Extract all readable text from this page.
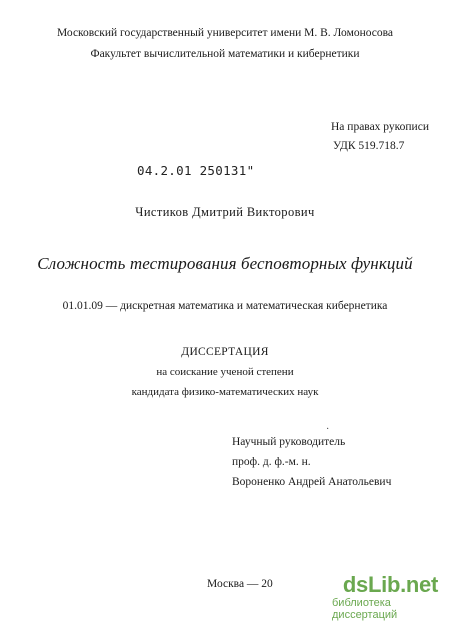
Московский государственный университет имени М. В. Ломоносова
Факультет вычислительной математики и кибернетики
На правах рукописи
УДК 519.718.7
04.2.01 250131"
Чистиков Дмитрий Викторович
Сложность тестирования бесповторных функций
01.01.09 — дискретная математика и математическая кибернетика
ДИССЕРТАЦИЯ
на соискание ученой степени
кандидата физико-математических наук
·
Научный руководитель
проф. д. ф.-м. н.
Вороненко Андрей Анатольевич
Москва — 20	dsLib.net
библиотека диссертаций
